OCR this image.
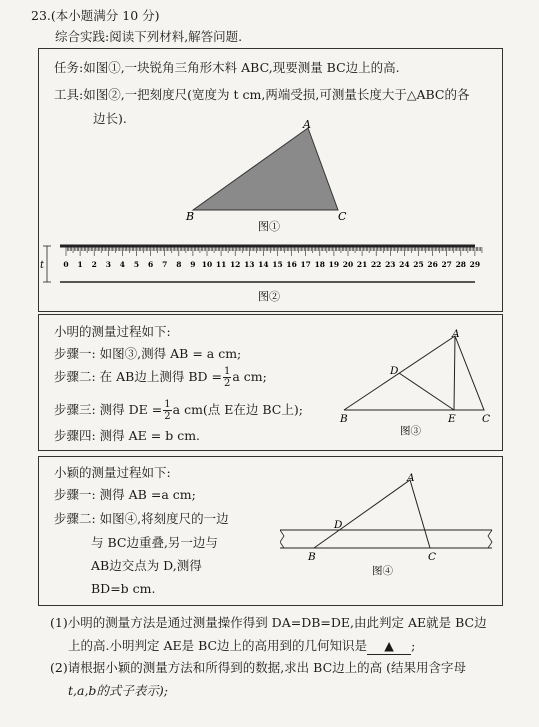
23.(本小题满分 10 分)
综合实践:阅读下列材料,解答问题.
任务:如图①,一块锐角三角形木料 ABC,现要测量 BC边上的高.
工具:如图②,一把刻度尺(宽度为 t cm,两端受损,可测量长度大于△ABC的各
边长).	A
B	C
图①
t	0 1 2 3 4 5 6 7 8 9 10 11 12 13 14 15 16 17 18 19 20 21 22 23 24 25 26 27 28 29
图②
小明的测量过程如下:
步骤一: 如图③,测得 AB = a cm;
步骤二: 在 AB边上测得 BD = $\frac{1}{2}$ a cm;
步骤三: 测得 DE = $\frac{1}{2}$ a cm(点 E在边 BC上);
步骤四: 测得 AE = b cm.
A
D
B	E	C
图③
小颖的测量过程如下:
步骤一: 测得 AB =a cm;
步骤二: 如图④,将刻度尺的一边
与 BC边重叠,另一边与
AB边交点为 D,测得
BD=b cm.
A
D
B	C
图④
(1)小明的测量方法是通过测量操作得到 DA=DB=DE,由此判定 AE就是 BC边
上的高.小明判定 AE是 BC边上的高用到的几何知识是 ▲ ;
(2)请根据小颖的测量方法和所得到的数据,求出 BC边上的高 (结果用含字母
t,a,b的式子表示);
